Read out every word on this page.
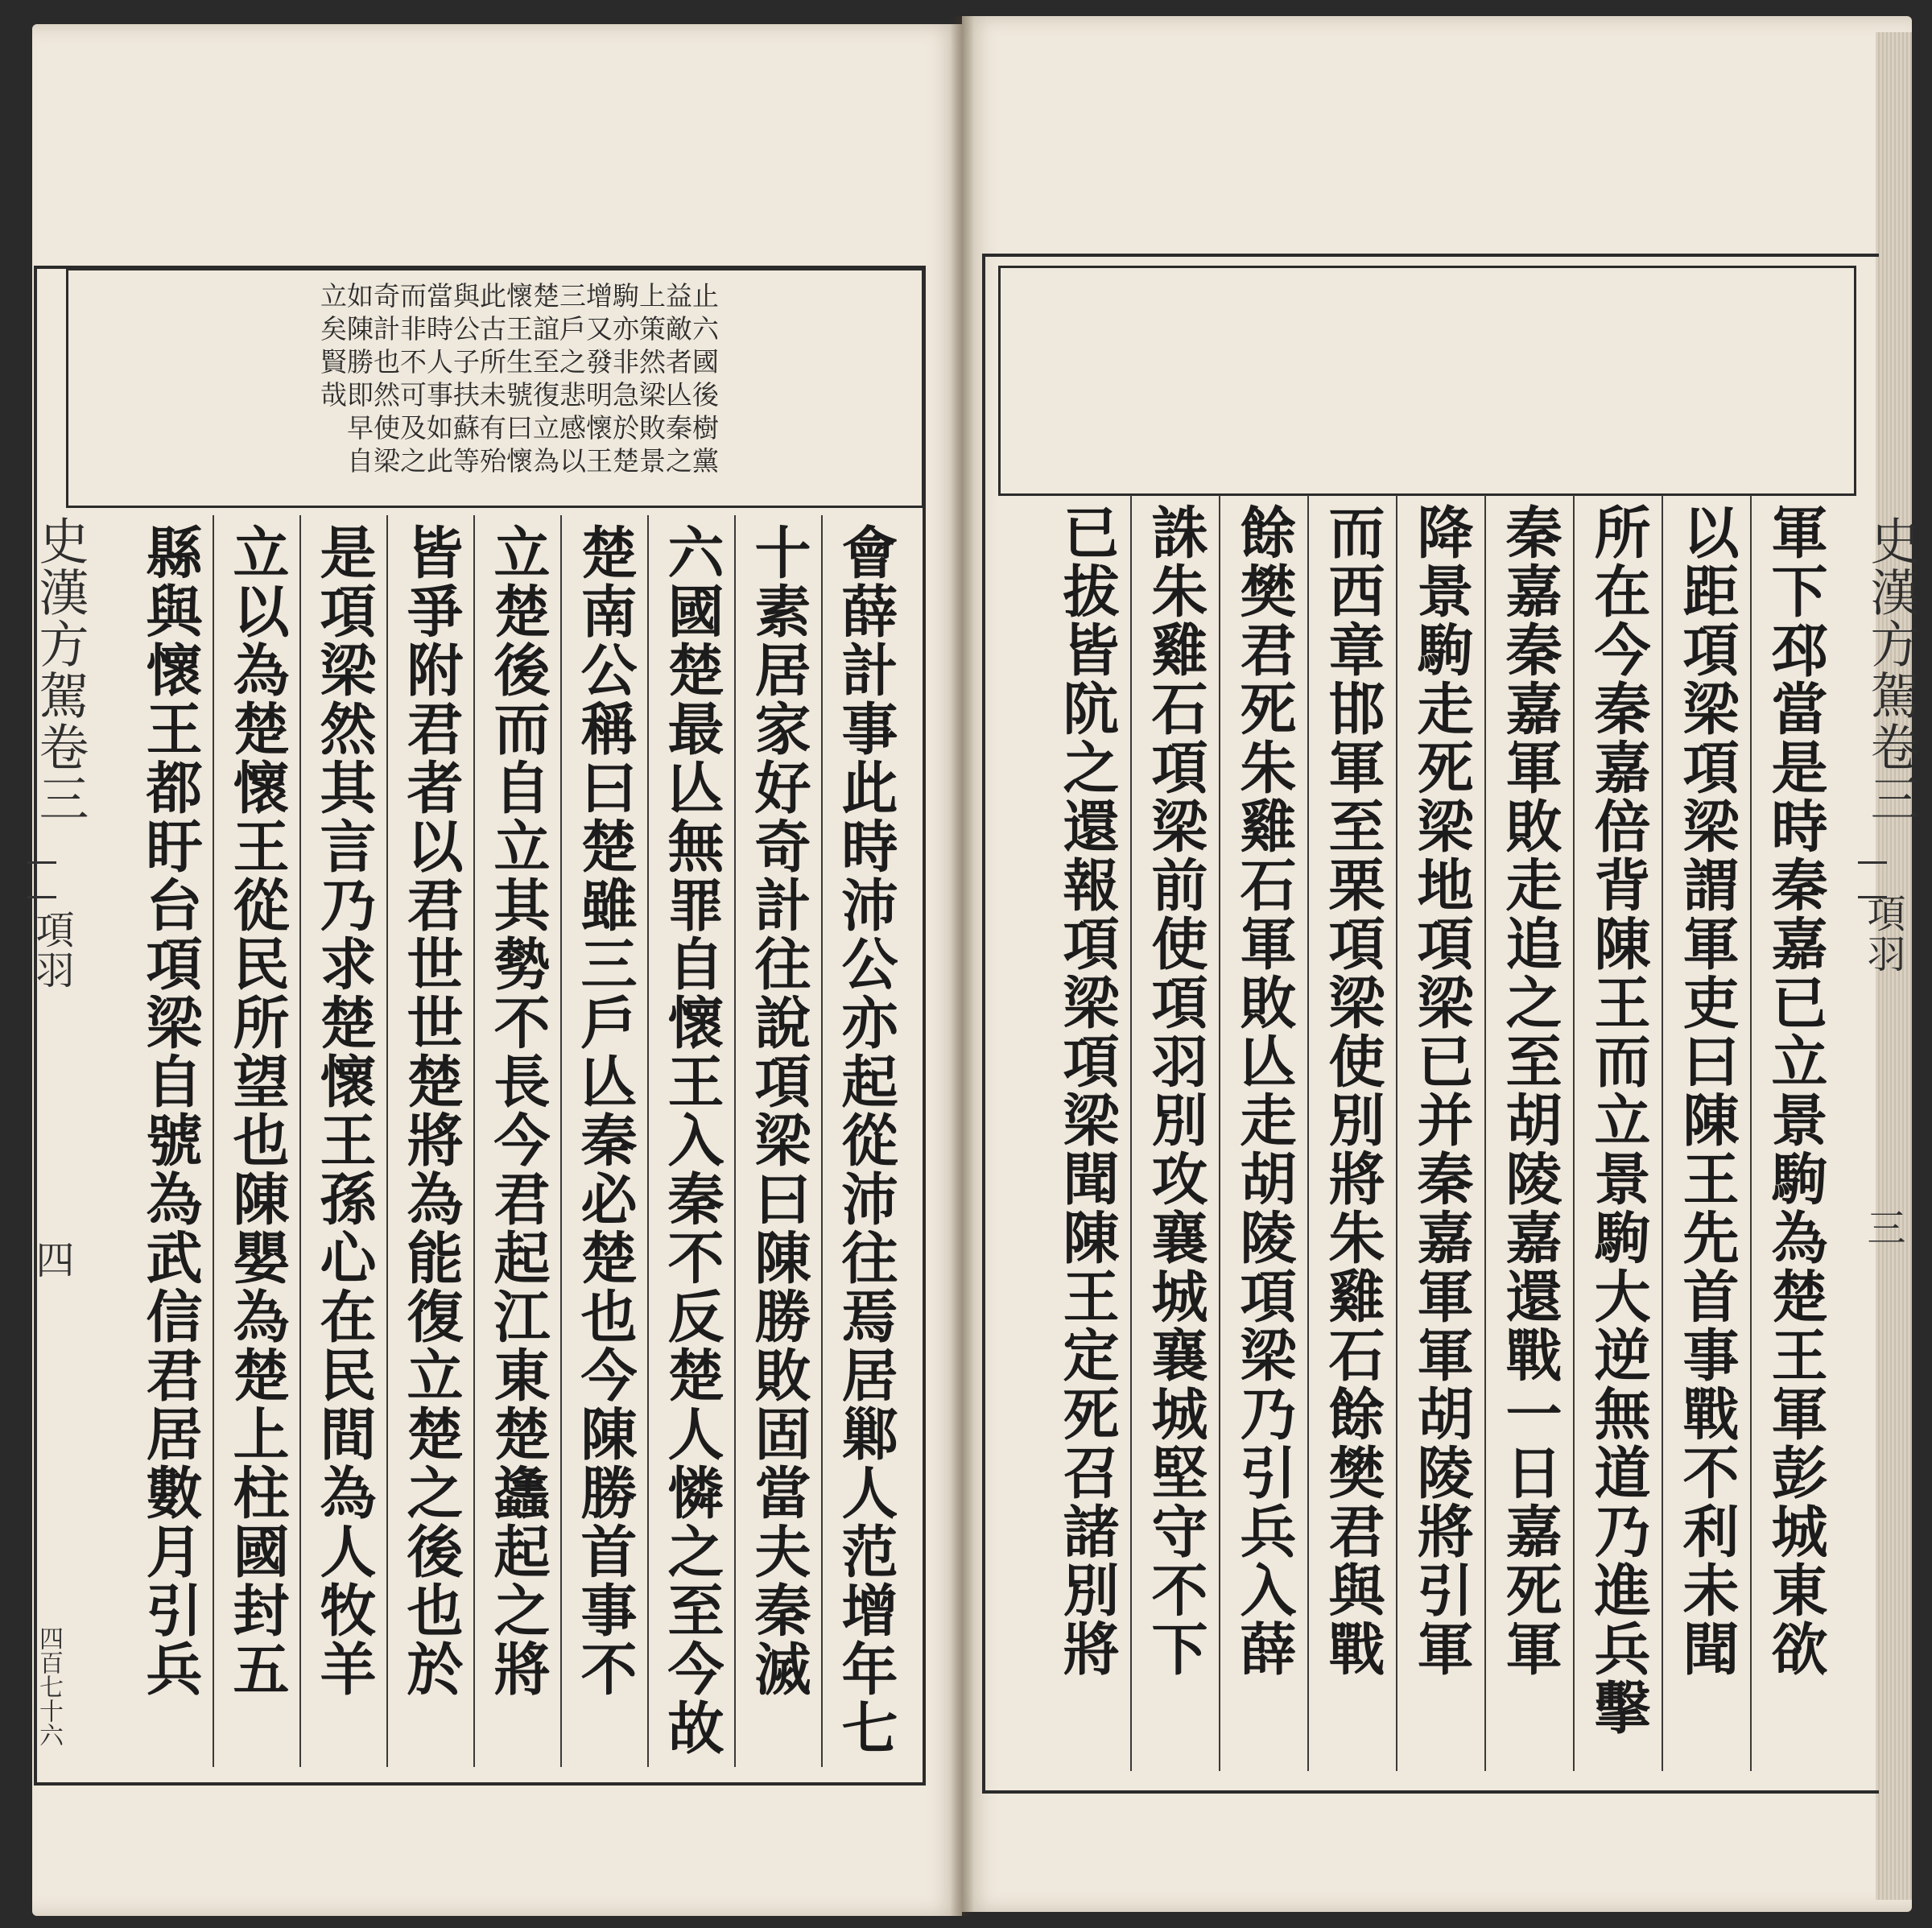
止六國後樹黨
益敵者亾秦之
上策然梁敗景
駒亦非急於楚
增又發明懷王
三戶之悲感以
楚誼至復立為
懷王生號曰懷
此古所未有殆
與公子扶蘇等
當時人事如此
而非不可及之
奇計也然使梁
如陳勝即早自
立矣賢哉
會薛計事此時沛公亦起從沛往焉居鄛人范增年七
十素居家好奇計往說項梁曰陳勝敗固當夫秦滅
六國楚最亾無罪自懷王入秦不反楚人憐之至今故
楚南公稱曰楚雖三戶亾秦必楚也今陳勝首事不
立楚後而自立其勢不長今君起江東楚蠭起之將
皆爭附君者以君世世楚將為能復立楚之後也於
是項梁然其言乃求楚懷王孫心在民間為人牧羊
立以為楚懷王從民所望也陳嬰為楚上柱國封五
縣與懷王都盱台項梁自號為武信君居數月引兵
史漢方駕卷三
項羽
四
四百七十六
軍下邳當是時秦嘉已立景駒為楚王軍彭城東欲
以距項梁項梁謂軍吏曰陳王先首事戰不利未聞
所在今秦嘉倍背陳王而立景駒大逆無道乃進兵擊
秦嘉秦嘉軍敗走追之至胡陵嘉還戰一日嘉死軍
降景駒走死梁地項梁已并秦嘉軍軍胡陵將引軍
而西章邯軍至栗項梁使別將朱雞石餘樊君與戰
餘樊君死朱雞石軍敗亾走胡陵項梁乃引兵入薛
誅朱雞石項梁前使項羽別攻襄城襄城堅守不下
已拔皆阬之還報項梁項梁聞陳王定死召諸別將	史漢方駕卷三
項羽
三
